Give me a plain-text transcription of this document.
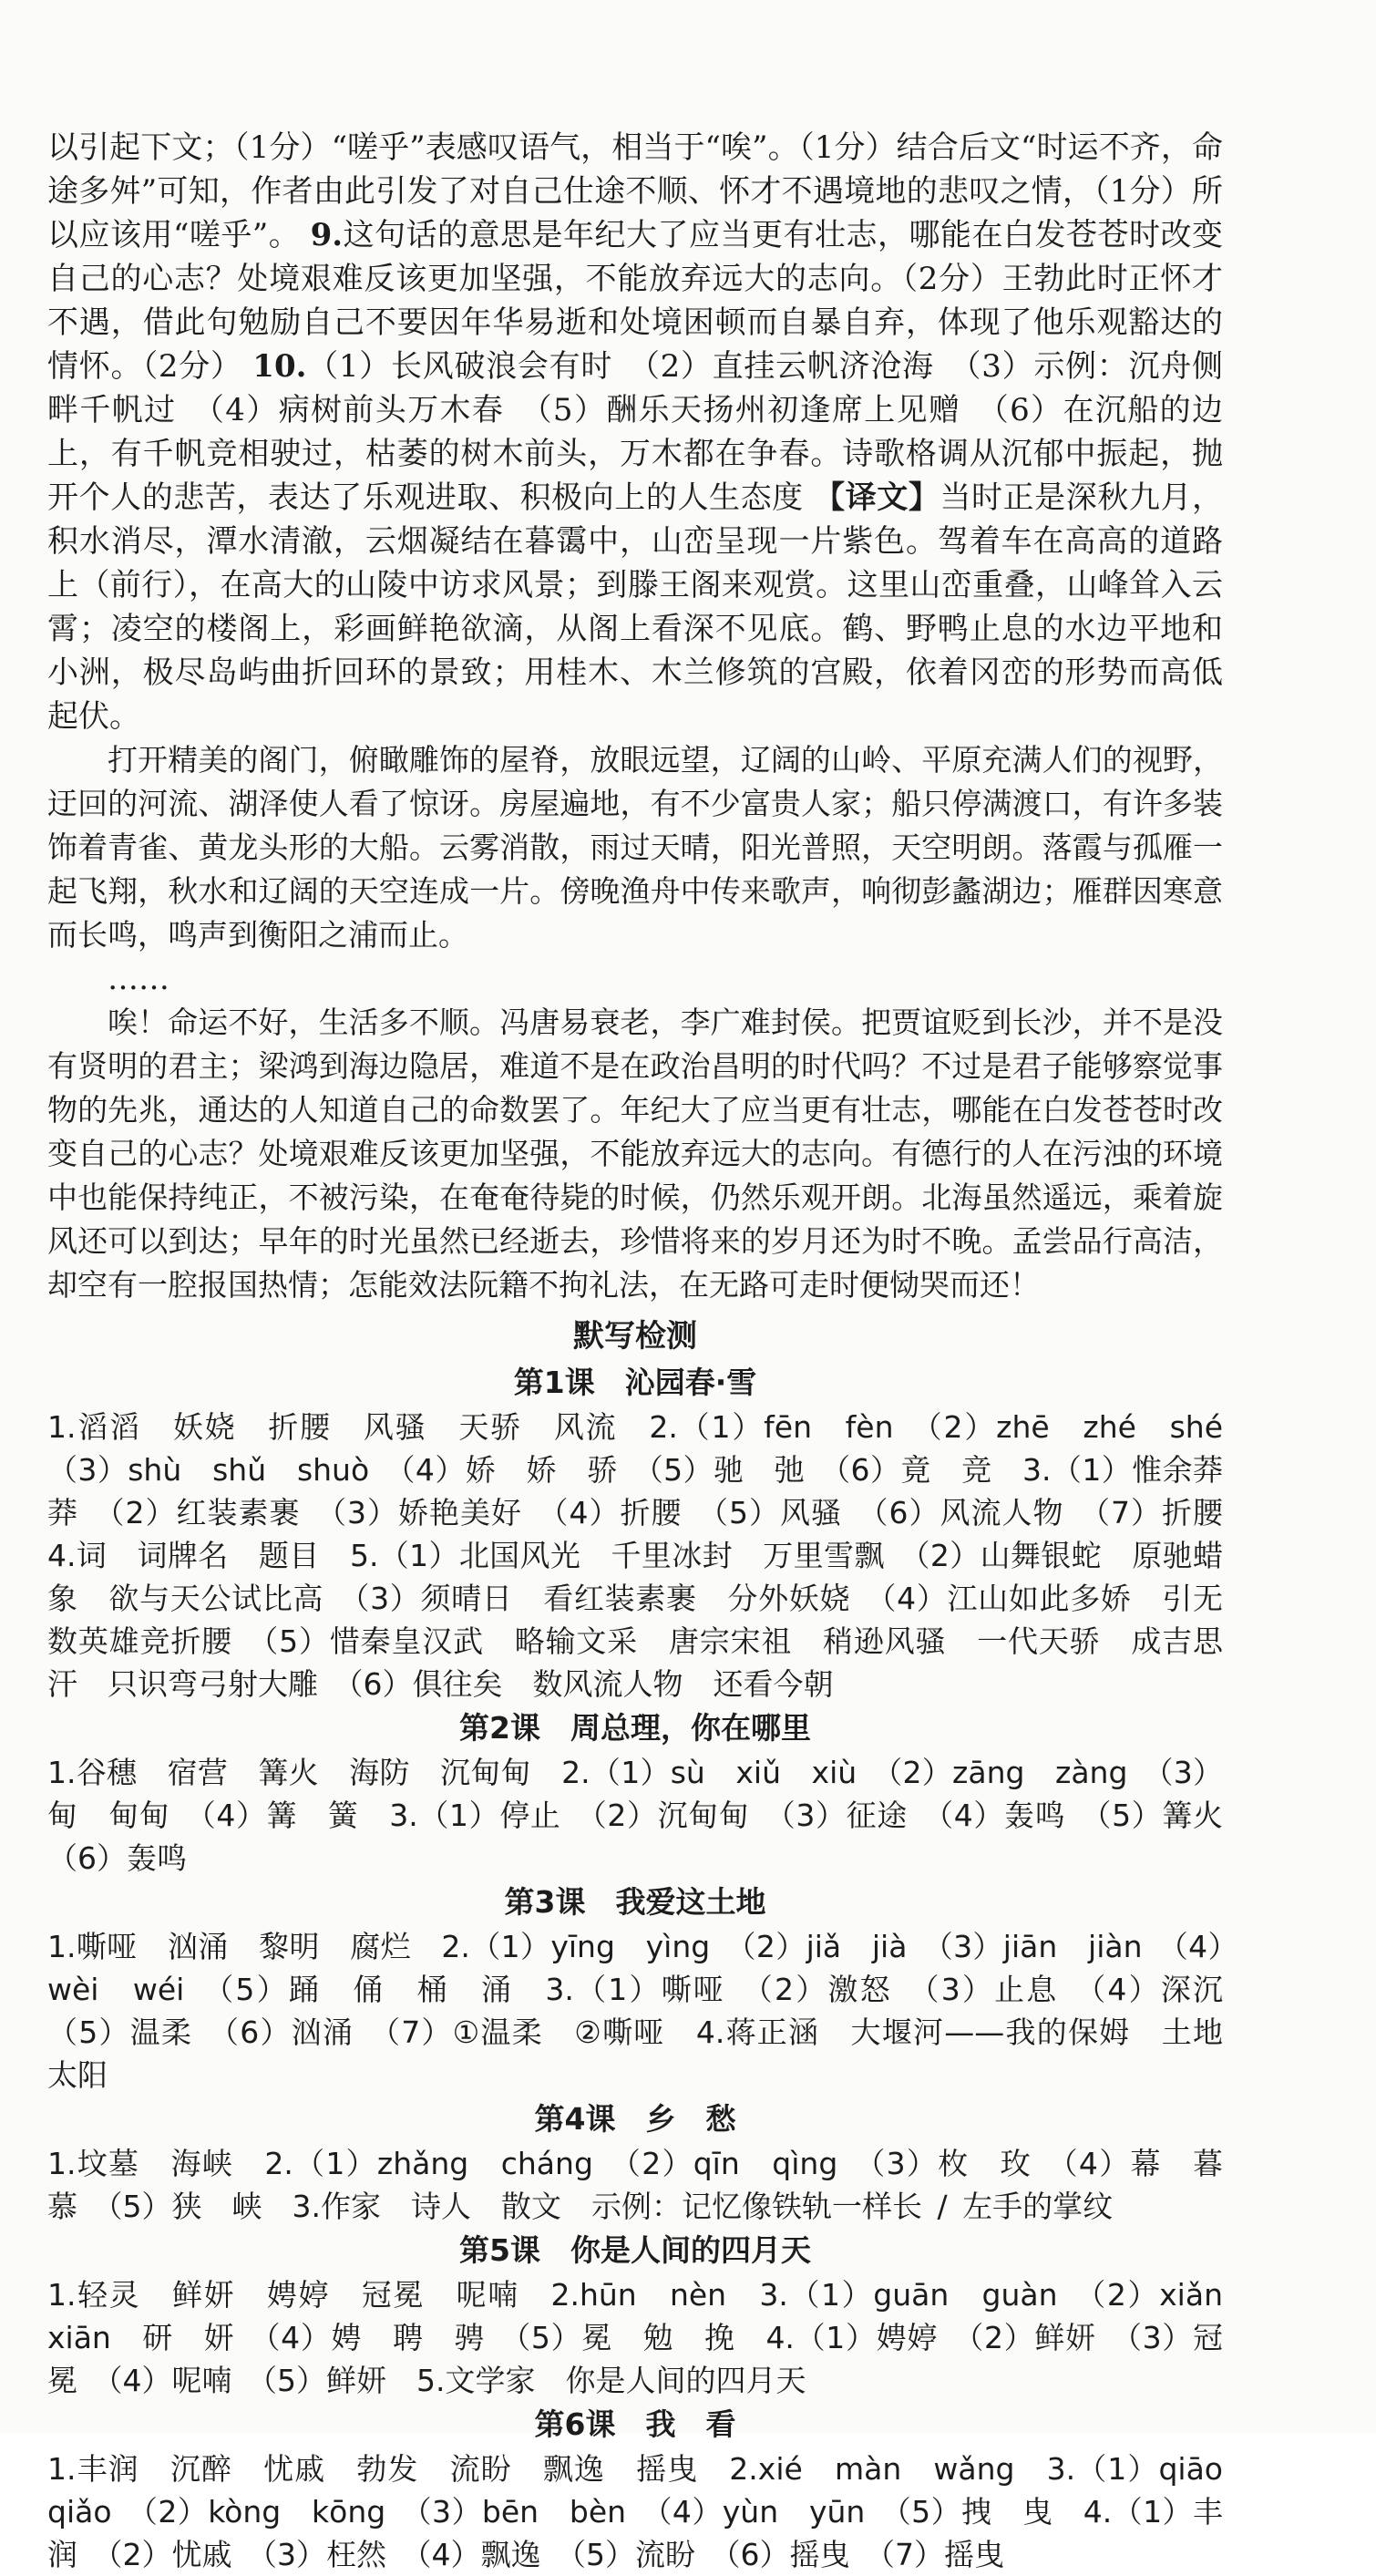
以引起下文；（1分）“嗟乎”表感叹语气，相当于“唉”。（1分）结合后文“时运不齐，命途多舛”可知，作者由此引发了对自己仕途不顺、怀才不遇境地的悲叹之情，（1分）所以应该用“嗟乎”。 9.这句话的意思是年纪大了应当更有壮志，哪能在白发苍苍时改变自己的心志？处境艰难反该更加坚强，不能放弃远大的志向。（2分）王勃此时正怀才不遇，借此句勉励自己不要因年华易逝和处境困顿而自暴自弃，体现了他乐观豁达的情怀。（2分） 10.（1）长风破浪会有时　（2）直挂云帆济沧海　（3）示例：沉舟侧畔千帆过　（4）病树前头万木春　（5）酬乐天扬州初逢席上见赠　（6）在沉船的边上，有千帆竞相驶过，枯萎的树木前头，万木都在争春。诗歌格调从沉郁中振起，抛开个人的悲苦，表达了乐观进取、积极向上的人生态度 【译文】当时正是深秋九月，积水消尽，潭水清澈，云烟凝结在暮霭中，山峦呈现一片紫色。驾着车在高高的道路上（前行），在高大的山陵中访求风景；到滕王阁来观赏。这里山峦重叠，山峰耸入云霄；凌空的楼阁上，彩画鲜艳欲滴，从阁上看深不见底。鹤、野鸭止息的水边平地和小洲，极尽岛屿曲折回环的景致；用桂木、木兰修筑的宫殿，依着冈峦的形势而高低起伏。

打开精美的阁门，俯瞰雕饰的屋脊，放眼远望，辽阔的山岭、平原充满人们的视野，迂回的河流、湖泽使人看了惊讶。房屋遍地，有不少富贵人家；船只停满渡口，有许多装饰着青雀、黄龙头形的大船。云雾消散，雨过天晴，阳光普照，天空明朗。落霞与孤雁一起飞翔，秋水和辽阔的天空连成一片。傍晚渔舟中传来歌声，响彻彭蠡湖边；雁群因寒意而长鸣，鸣声到衡阳之浦而止。

……

唉！命运不好，生活多不顺。冯唐易衰老，李广难封侯。把贾谊贬到长沙，并不是没有贤明的君主；梁鸿到海边隐居，难道不是在政治昌明的时代吗？不过是君子能够察觉事物的先兆，通达的人知道自己的命数罢了。年纪大了应当更有壮志，哪能在白发苍苍时改变自己的心志？处境艰难反该更加坚强，不能放弃远大的志向。有德行的人在污浊的环境中也能保持纯正，不被污染，在奄奄待毙的时候，仍然乐观开朗。北海虽然遥远，乘着旋风还可以到达；早年的时光虽然已经逝去，珍惜将来的岁月还为时不晚。孟尝品行高洁，却空有一腔报国热情；怎能效法阮籍不拘礼法，在无路可走时便恸哭而还！

默写检测
第1课　沁园春·雪

1.滔滔　妖娆　折腰　风骚　天骄　风流　2.（1）fēn　fèn　（2）zhē　zhé　shé　（3）shù　shǔ　shuò　（4）娇　娇　骄　（5）驰　弛　（6）竟　竞　3.（1）惟余莽莽　（2）红装素裹　（3）娇艳美好　（4）折腰　（5）风骚　（6）风流人物　（7）折腰　4.词　词牌名　题目　5.（1）北国风光　千里冰封　万里雪飘　（2）山舞银蛇　原驰蜡象　欲与天公试比高　（3）须晴日　看红装素裹　分外妖娆　（4）江山如此多娇　引无数英雄竞折腰　（5）惜秦皇汉武　略输文采　唐宗宋祖　稍逊风骚　一代天骄　成吉思汗　只识弯弓射大雕　（6）俱往矣　数风流人物　还看今朝

第2课　周总理，你在哪里

1.谷穗　宿营　篝火　海防　沉甸甸　2.（1）sù　xiǔ　xiù　（2）zāng　zàng　（3）甸　甸甸　（4）篝　簧　3.（1）停止　（2）沉甸甸　（3）征途　（4）轰鸣　（5）篝火　（6）轰鸣

第3课　我爱这土地

1.嘶哑　汹涌　黎明　腐烂　2.（1）yīng　yìng　（2）jiǎ　jià　（3）jiān　jiàn　（4）wèi　wéi　（5）踊　俑　桶　涌　3.（1）嘶哑　（2）激怒　（3）止息　（4）深沉　（5）温柔　（6）汹涌　（7）①温柔　②嘶哑　4.蒋正涵　大堰河——我的保姆　土地　太阳

第4课　乡　愁

1.坟墓　海峡　2.（1）zhǎng　cháng　（2）qīn　qìng　（3）枚　玫　（4）幕　暮　慕　（5）狭　峡　3.作家　诗人　散文　示例：记忆像铁轨一样长 / 左手的掌纹

第5课　你是人间的四月天

1.轻灵　鲜妍　娉婷　冠冕　呢喃　2.hūn　nèn　3.（1）guān　guàn　（2）xiǎn　xiān　研　妍　（4）娉　聘　骋　（5）冕　勉　挽　4.（1）娉婷　（2）鲜妍　（3）冠冕　（4）呢喃　（5）鲜妍　5.文学家　你是人间的四月天

第6课　我　看

1.丰润　沉醉　忧戚　勃发　流盼　飘逸　摇曳　2.xié　màn　wǎng　3.（1）qiāo　qiǎo　（2）kòng　kōng　（3）bēn　bèn　（4）yùn　yūn　（5）拽　曳　4.（1）丰润　（2）忧戚　（3）枉然　（4）飘逸　（5）流盼　（6）摇曳　（7）摇曳
